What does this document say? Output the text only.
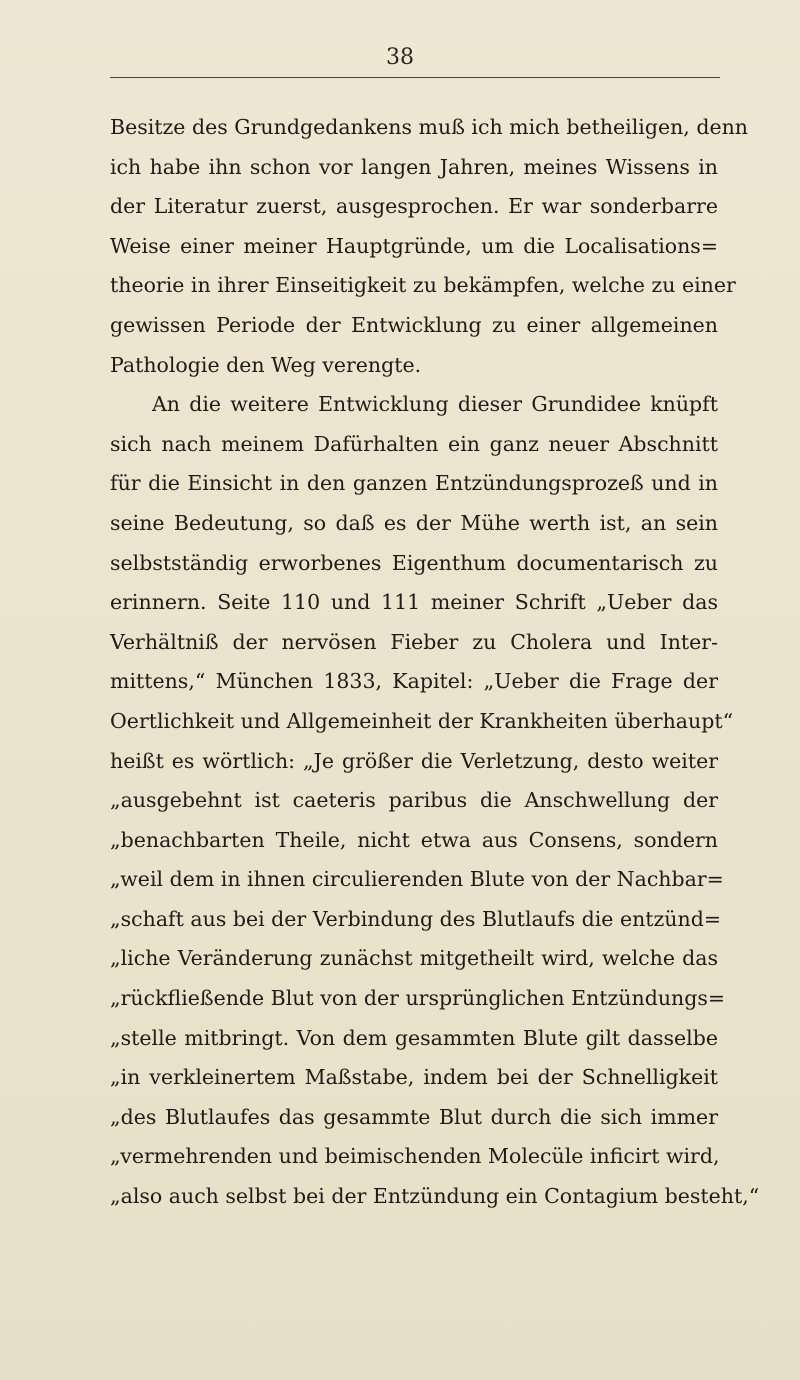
38
Besitze des Grundgedankens muß ich mich betheiligen, denn
ich habe ihn schon vor langen Jahren, meines Wissens in
der Literatur zuerst, ausgesprochen. Er war sonderbarre
Weise einer meiner Hauptgründe, um die Localisations=
theorie in ihrer Einseitigkeit zu bekämpfen, welche zu einer
gewissen Periode der Entwicklung zu einer allgemeinen
Pathologie den Weg verengte.
An die weitere Entwicklung dieser Grundidee knüpft
sich nach meinem Dafürhalten ein ganz neuer Abschnitt
für die Einsicht in den ganzen Entzündungsprozeß und in
seine Bedeutung, so daß es der Mühe werth ist, an sein
selbstständig erworbenes Eigenthum documentarisch zu
erinnern. Seite 110 und 111 meiner Schrift „Ueber das
Verhältniß der nervösen Fieber zu Cholera und Inter-
mittens,“ München 1833, Kapitel: „Ueber die Frage der
Oertlichkeit und Allgemeinheit der Krankheiten überhaupt“
heißt es wörtlich: „Je größer die Verletzung, desto weiter
„ausgebehnt ist caeteris paribus die Anschwellung der
„benachbarten Theile, nicht etwa aus Consens, sondern
„weil dem in ihnen circulierenden Blute von der Nachbar=
„schaft aus bei der Verbindung des Blutlaufs die entzünd=
„liche Veränderung zunächst mitgetheilt wird, welche das
„rückfließende Blut von der ursprünglichen Entzündungs=
„stelle mitbringt. Von dem gesammten Blute gilt dasselbe
„in verkleinertem Maßstabe, indem bei der Schnelligkeit
„des Blutlaufes das gesammte Blut durch die sich immer
„vermehrenden und beimischenden Molecüle inficirt wird,
„also auch selbst bei der Entzündung ein Contagium besteht,“
